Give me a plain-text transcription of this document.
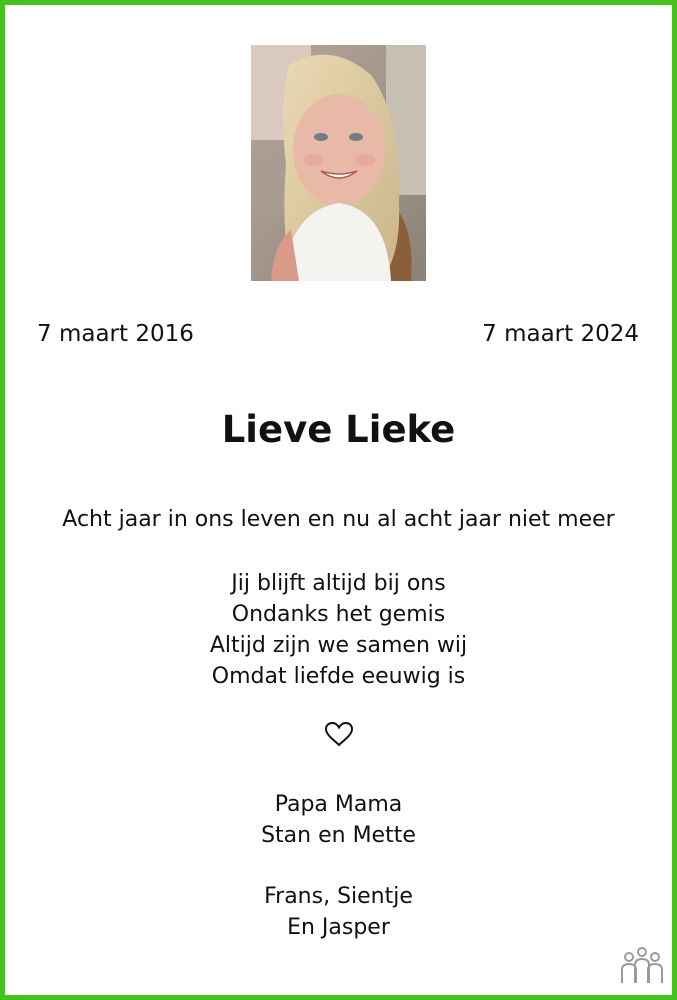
7 maart 2016	7 maart 2024
Lieve Lieke
Acht jaar in ons leven en nu al acht jaar niet meer
Jij blijft altijd bij ons
Ondanks het gemis
Altijd zijn we samen wij
Omdat liefde eeuwig is
Papa Mama
Stan en Mette
Frans, Sientje
En Jasper
